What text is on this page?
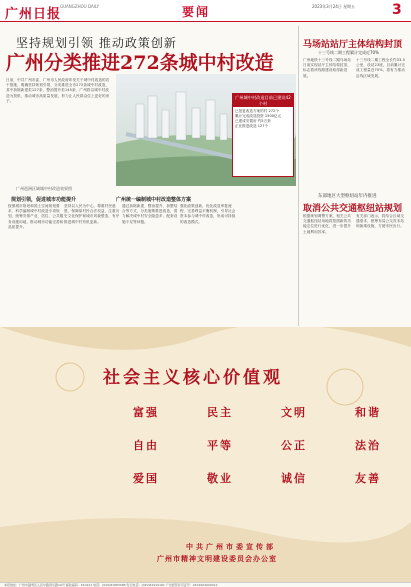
广州日报
GUANGZHOU DAILY	要闻	2023年3月24日 星期五	3
坚持规划引领 推动政策创新
广州分类推进272条城中村改造
日前，中共广州市委、广州市人民政府印发关于城中村改造的若干措施，明确坚持规划引领，分类推进全市272条城中村改造，其中拆除新建类127条、整治提升类145条，广州将以城中村改造为契机，推动城市高质量发展，努力让人民群众住上更好的房子。
广州城中村改造目前已建设42个村
已批复改造方案的村 272个
累计完成改造投资 1500亿元
已建成安置房 约5万套
正在推进改造 127个
广州琶洲区域城中村改造效果图
规划引领，促进城市功能提升	广州统一编制城中村改造整体方案
按照城市规划和国土空间规划要求，科学编制城中村改造专项规划，统筹安排产业、居住、公共服务设施用地，推动城市功能完善和品质提升。
坚持以人民为中心，尊重村民意愿，保障原村民合法权益，注重历史文化保护和城市风貌塑造，有序推进城中村有机更新。
通过拆除新建、整治提升、拆整结合等方式，分类施策推进改造，着力解决城中村安全隐患多、配套设施不足等问题。
强化政策创新，优化改造审批流程，完善利益平衡机制，引导社会资本参与城中村改造，形成可持续的改造模式。
马场站站厅主体结构封顶
十三号线二期工程累计完成近70%
广州地铁十三号线二期马场站日前实现站厅主体结构封顶，标志着该线路建设取得新进展。
十三号线二期工程全长约33.5公里，设站23座，目前累计完成工程量近70%，将有力推动沿线区域发展。
东部地区大型枢纽站年内推进
取消公共交通枢纽站规划
根据规划调整方案，相关公共交通枢纽站用地将按照新的功能定位进行优化，进一步提升土地利用效率。
有关部门表示，将结合区域交通需求，统筹布局公交首末站和换乘设施，方便市民出行。
社会主义核心价值观
富强	民主	文明	和谐
自由	平等	公正	法治
爱国	敬业	诚信	友善
中共广州市委宣传部
广州市精神文明建设委员会办公室
本报地址：广州市越秀区人民中路同乐路10号 邮政编码：510121 电话：(020)81883088 发行电话：(020)81919191 广告经营许可证号：4401004000012
